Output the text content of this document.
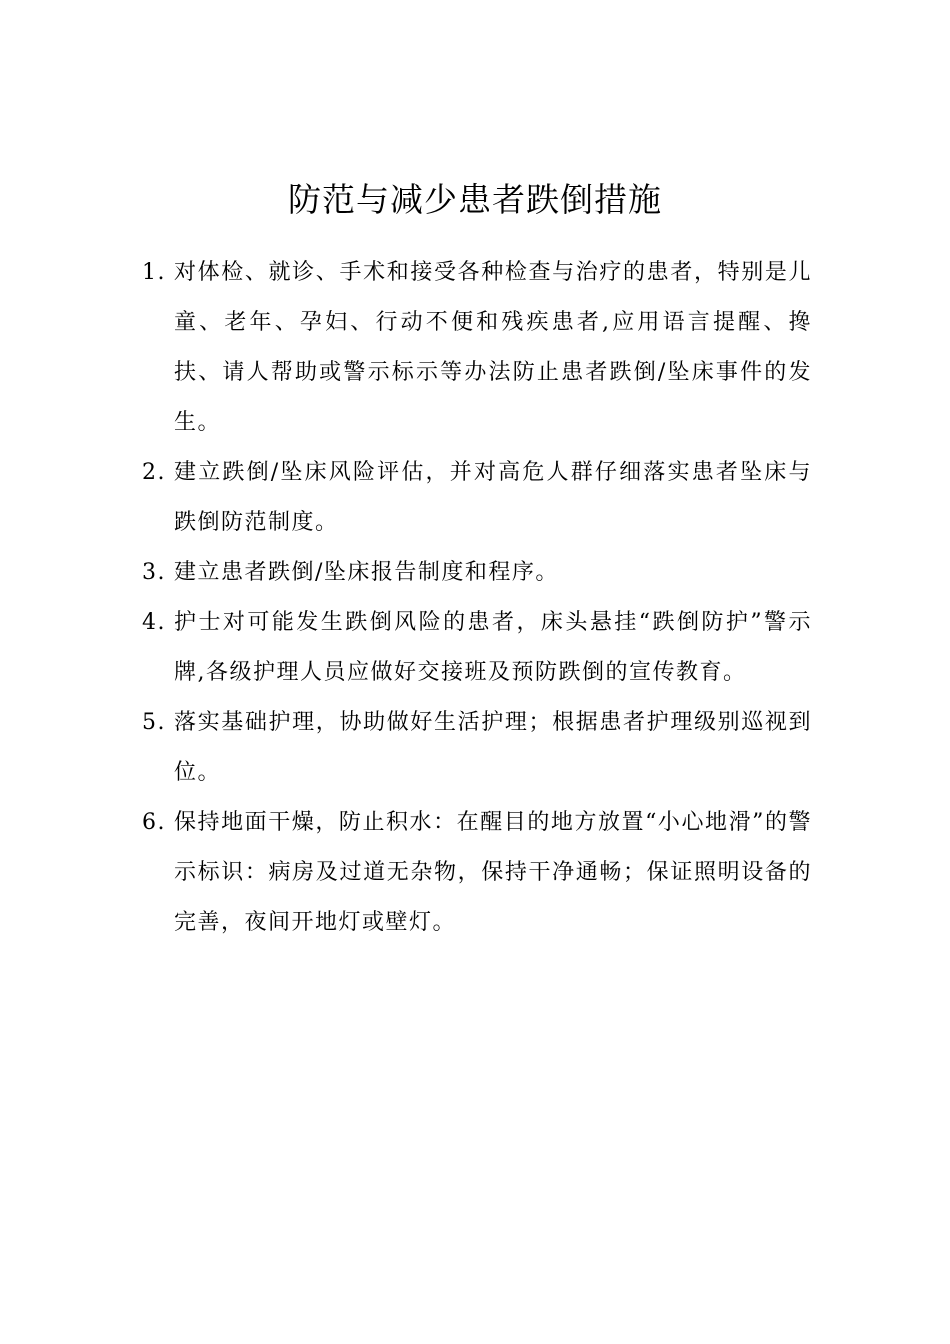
防范与减少患者跌倒措施
1. 对体检、就诊、手术和接受各种检查与治疗的患者，特别是儿童、老年、孕妇、行动不便和残疾患者,应用语言提醒、搀扶、请人帮助或警示标示等办法防止患者跌倒/坠床事件的发生。
2. 建立跌倒/坠床风险评估，并对高危人群仔细落实患者坠床与跌倒防范制度。
3. 建立患者跌倒/坠床报告制度和程序。
4. 护士对可能发生跌倒风险的患者，床头悬挂“跌倒防护”警示牌,各级护理人员应做好交接班及预防跌倒的宣传教育。
5. 落实基础护理，协助做好生活护理；根据患者护理级别巡视到位。
6. 保持地面干燥，防止积水：在醒目的地方放置“小心地滑”的警示标识：病房及过道无杂物，保持干净通畅；保证照明设备的完善，夜间开地灯或壁灯。
